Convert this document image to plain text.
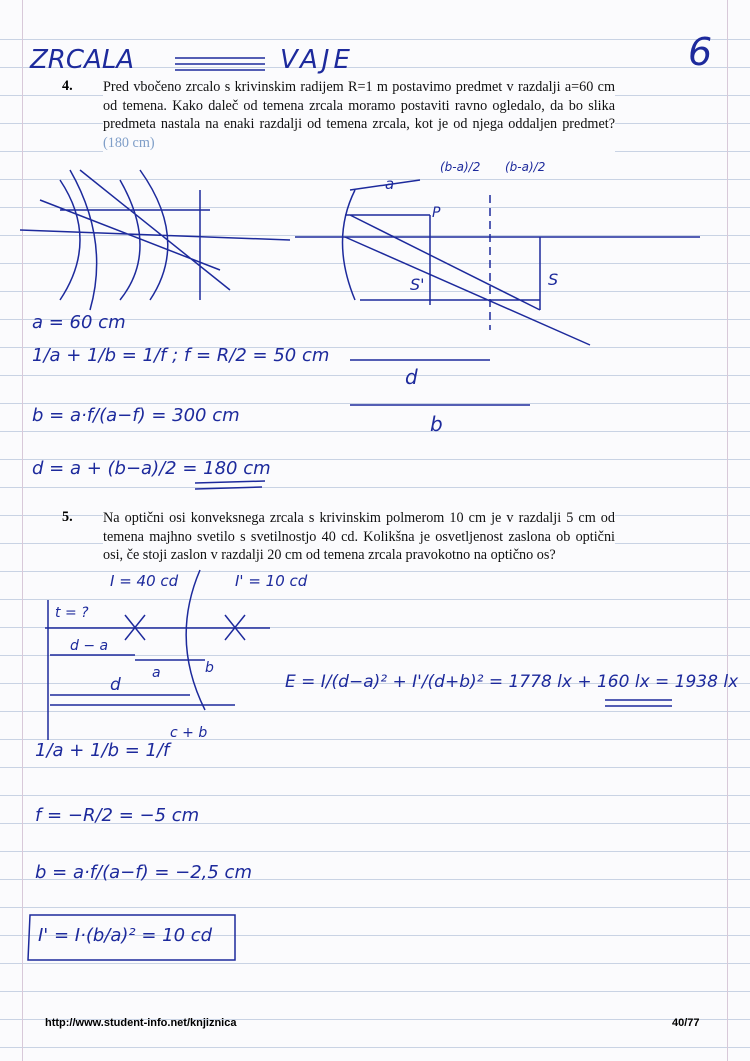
ZRCALA	VAJE	6
4. Pred vbočeno zrcalo s krivinskim radijem R=1 m postavimo predmet v razdalji a=60 cm od temena. Kako daleč od temena zrcala moramo postaviti ravno ogledalo, da bo slika predmeta nastala na enaki razdalji od temena zrcala, kot je od njega oddaljen predmet? (180 cm)
a
(b-a)/2 (b-a)/2
P
S'	S
d
b
a = 60 cm
1/a + 1/b = 1/f ; f = R/2 = 50 cm
b = a·f/(a−f) = 300 cm
d = a + (b−a)/2 = 180 cm
5. Na optični osi konveksnega zrcala s krivinskim polmerom 10 cm je v razdalji 5 cm od temena majhno svetilo s svetilnostjo 40 cd. Kolikšna je osvetljenost zaslona ob optični osi, če stoji zaslon v razdalji 20 cm od temena zrcala pravokotno na optično os?
I = 40 cd	I' = 10 cd
t = ?
d − a
a	b
d
c + b
E = I/(d−a)² + I'/(d+b)² = 1778 lx + 160 lx = 1938 lx
1/a + 1/b = 1/f
f = −R/2 = −5 cm
b = a·f/(a−f) = −2,5 cm
I' = I·(b/a)² = 10 cd
http://www.student-info.net/knjiznica	40/77
